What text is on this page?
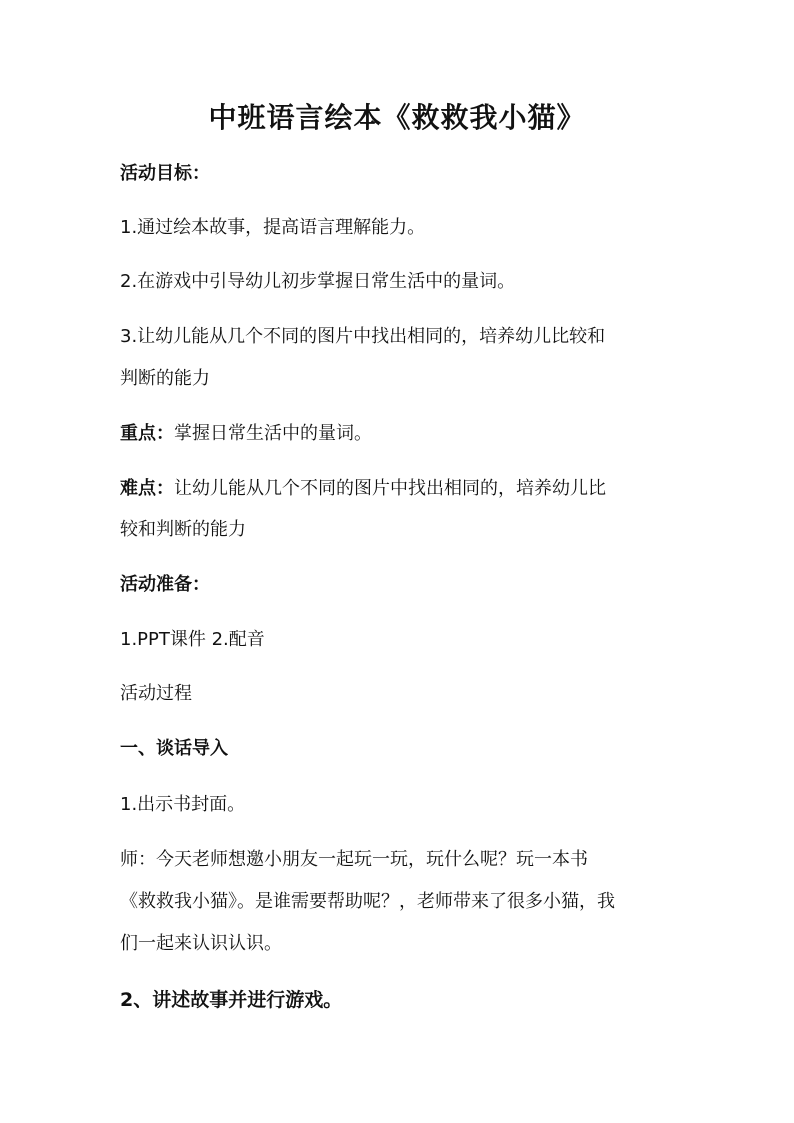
中班语言绘本《救救我小猫》
活动目标：
1.通过绘本故事，提高语言理解能力。
2.在游戏中引导幼儿初步掌握日常生活中的量词。
3.让幼儿能从几个不同的图片中找出相同的，培养幼儿比较和
判断的能力
重点：掌握日常生活中的量词。
难点：让幼儿能从几个不同的图片中找出相同的，培养幼儿比
较和判断的能力
活动准备：
1.PPT课件 2.配音
活动过程
一、谈话导入
1.出示书封面。
师：今天老师想邀小朋友一起玩一玩，玩什么呢？玩一本书
《救救我小猫》。是谁需要帮助呢？，老师带来了很多小猫，我
们一起来认识认识。
2、讲述故事并进行游戏。
